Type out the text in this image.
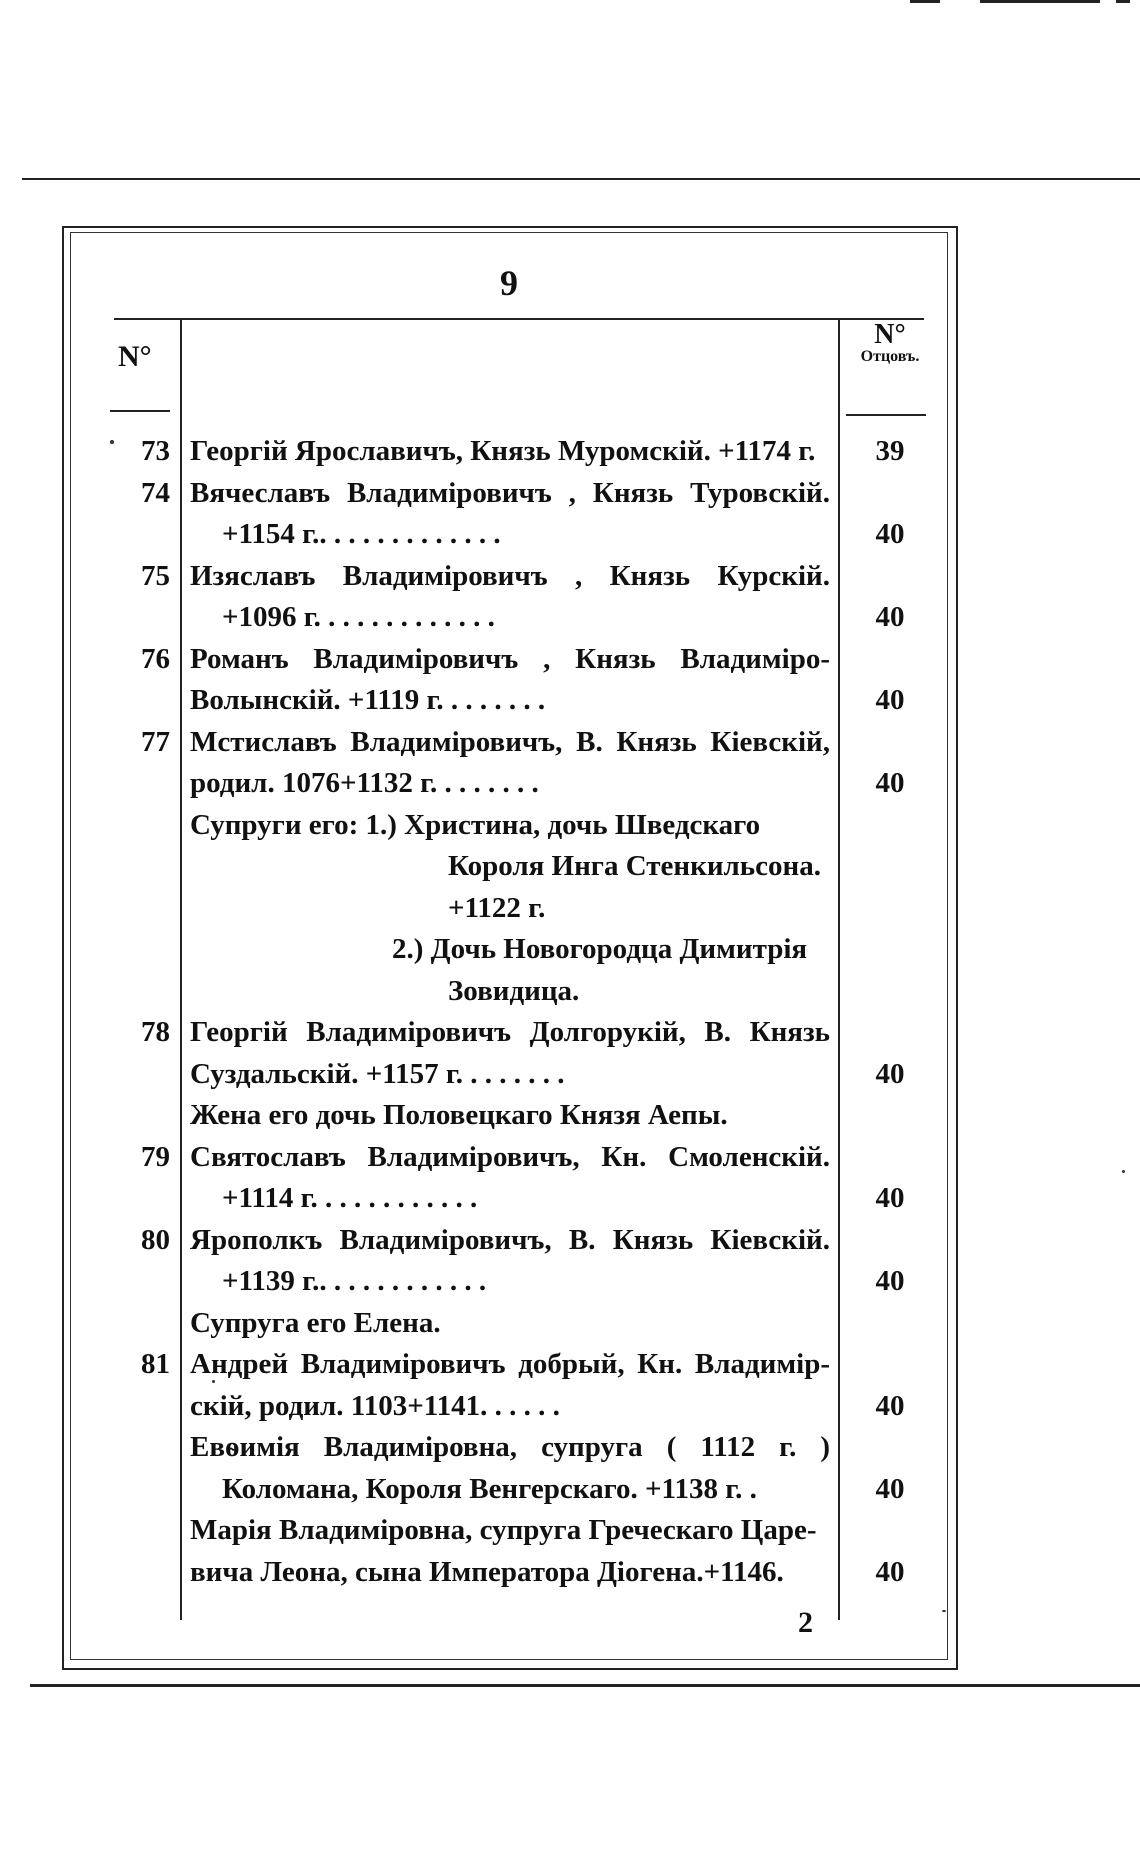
9
N°
N°
Отцовъ.
73 Георгій Ярославичъ, Князь Муромскій. +1174 г.	39
74 Вячеславъ Владиміровичъ , Князь Туровскій.
+1154 г.. . . . . . . . . . . . .	40
75 Изяславъ Владиміровичъ , Князь Курскій.
+1096 г. . . . . . . . . . . . .	40
76 Романъ Владиміровичъ , Князь Владиміро-
Волынскій. +1119 г. . . . . . . .	40
77 Мстиславъ Владиміровичъ, В. Князь Кіевскій,
родил. 1076+1132 г. . . . . . . .	40
Супруги его: 1.) Христина, дочь Шведскаго
Короля Инга Стенкильсона.
+1122 г.
2.) Дочь Новогородца Димитрія
Зовидица.
78 Георгій Владиміровичъ Долгорукій, В. Князь
Суздальскій. +1157 г. . . . . . . .	40
Жена его дочь Половецкаго Князя Аепы.
79 Святославъ Владиміровичъ, Кн. Смоленскій.
+1114 г. . . . . . . . . . . .	40
80 Ярополкъ Владиміровичъ, В. Князь Кіевскій.
+1139 г.. . . . . . . . . . . .	40
Супруга его Елена.
81 Андрей Владиміровичъ добрый, Кн. Владимір-
скій, родил. 1103+1141. . . . . .	40
Евѳимія Владиміровна, супруга ( 1112 г. )
Коломана, Короля Венгерскаго. +1138 г. .	40
Марія Владиміровна, супруга Греческаго Царе-
вича Леона, сына Императора Діогена.+1146.	40
2
